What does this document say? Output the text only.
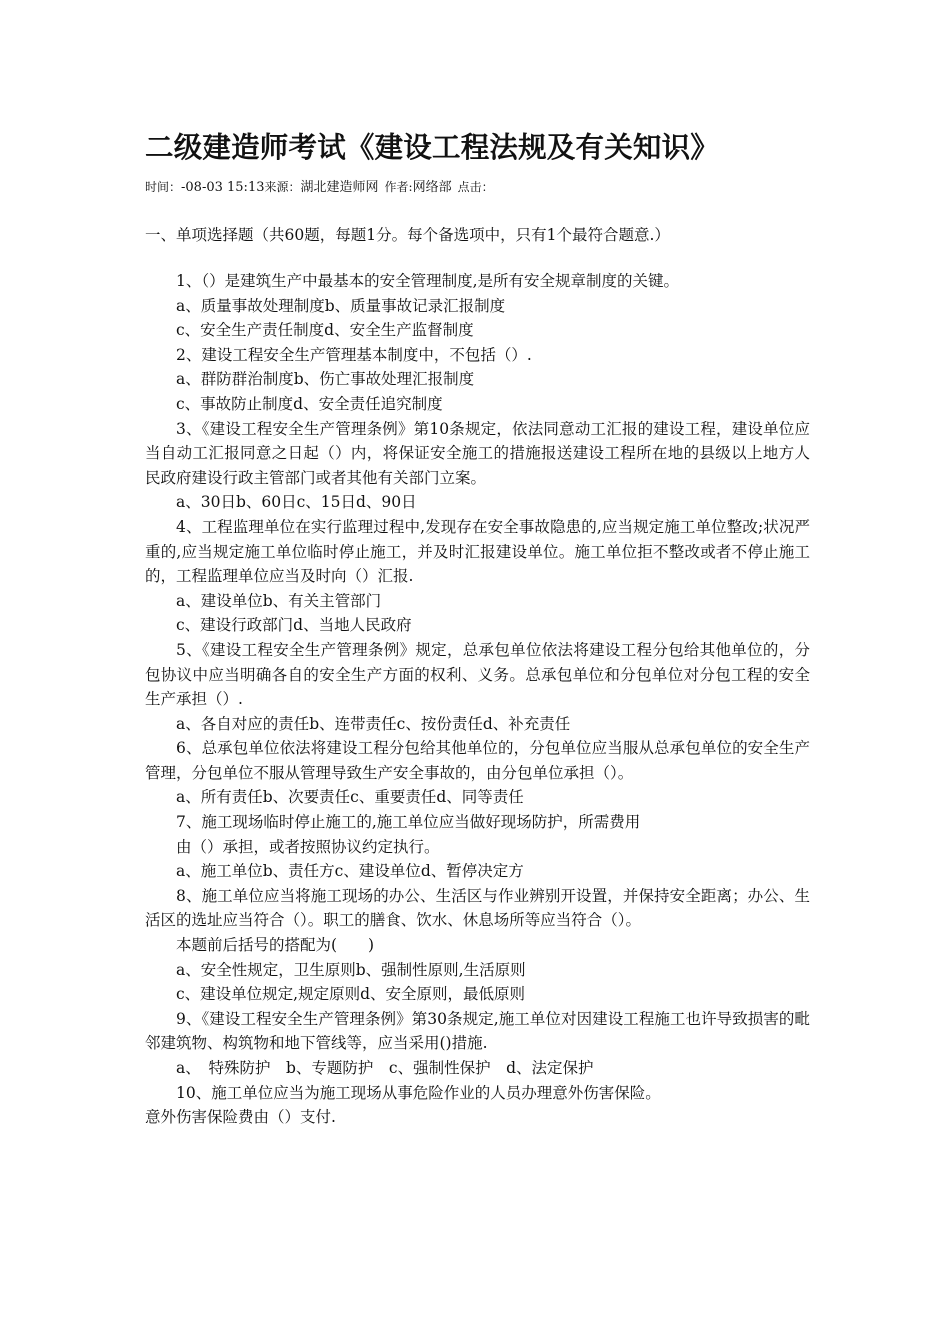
二级建造师考试《建设工程法规及有关知识》
时间：-08-03 15:13来源：湖北建造师网 作者:网络部 点击：
一、单项选择题（共60题，每题1分。每个备选项中，只有1个最符合题意.）

1、（）是建筑生产中最基本的安全管理制度,是所有安全规章制度的关键。

a、质量事故处理制度b、质量事故记录汇报制度

c、安全生产责任制度d、安全生产监督制度

2、建设工程安全生产管理基本制度中，不包括（）.

a、群防群治制度b、伤亡事故处理汇报制度

c、事故防止制度d、安全责任追究制度

3、《建设工程安全生产管理条例》第10条规定，依法同意动工汇报的建设工程，建设单位应当自动工汇报同意之日起（）内，将保证安全施工的措施报送建设工程所在地的县级以上地方人民政府建设行政主管部门或者其他有关部门立案。

a、30日b、60日c、15日d、90日

4、工程监理单位在实行监理过程中,发现存在安全事故隐患的,应当规定施工单位整改;状况严重的,应当规定施工单位临时停止施工，并及时汇报建设单位。施工单位拒不整改或者不停止施工的，工程监理单位应当及时向（）汇报.

a、建设单位b、有关主管部门

c、建设行政部门d、当地人民政府

5、《建设工程安全生产管理条例》规定，总承包单位依法将建设工程分包给其他单位的，分包协议中应当明确各自的安全生产方面的权利、义务。总承包单位和分包单位对分包工程的安全生产承担（）.

a、各自对应的责任b、连带责任c、按份责任d、补充责任

6、总承包单位依法将建设工程分包给其他单位的，分包单位应当服从总承包单位的安全生产管理，分包单位不服从管理导致生产安全事故的，由分包单位承担（）。

a、所有责任b、次要责任c、重要责任d、同等责任

7、施工现场临时停止施工的,施工单位应当做好现场防护，所需费用

由（）承担，或者按照协议约定执行。

a、施工单位b、责任方c、建设单位d、暂停决定方

8、施工单位应当将施工现场的办公、生活区与作业辨别开设置，并保持安全距离；办公、生活区的选址应当符合（）。职工的膳食、饮水、休息场所等应当符合（）。

本题前后括号的搭配为(　　)

a、安全性规定，卫生原则b、强制性原则,生活原则

c、建设单位规定,规定原则d、安全原则，最低原则

9、《建设工程安全生产管理条例》第30条规定,施工单位对因建设工程施工也许导致损害的毗邻建筑物、构筑物和地下管线等，应当采用()措施.

a、　特殊防护　b、专题防护　c、强制性保护　d、法定保护

10、施工单位应当为施工现场从事危险作业的人员办理意外伤害保险。

意外伤害保险费由（）支付.
